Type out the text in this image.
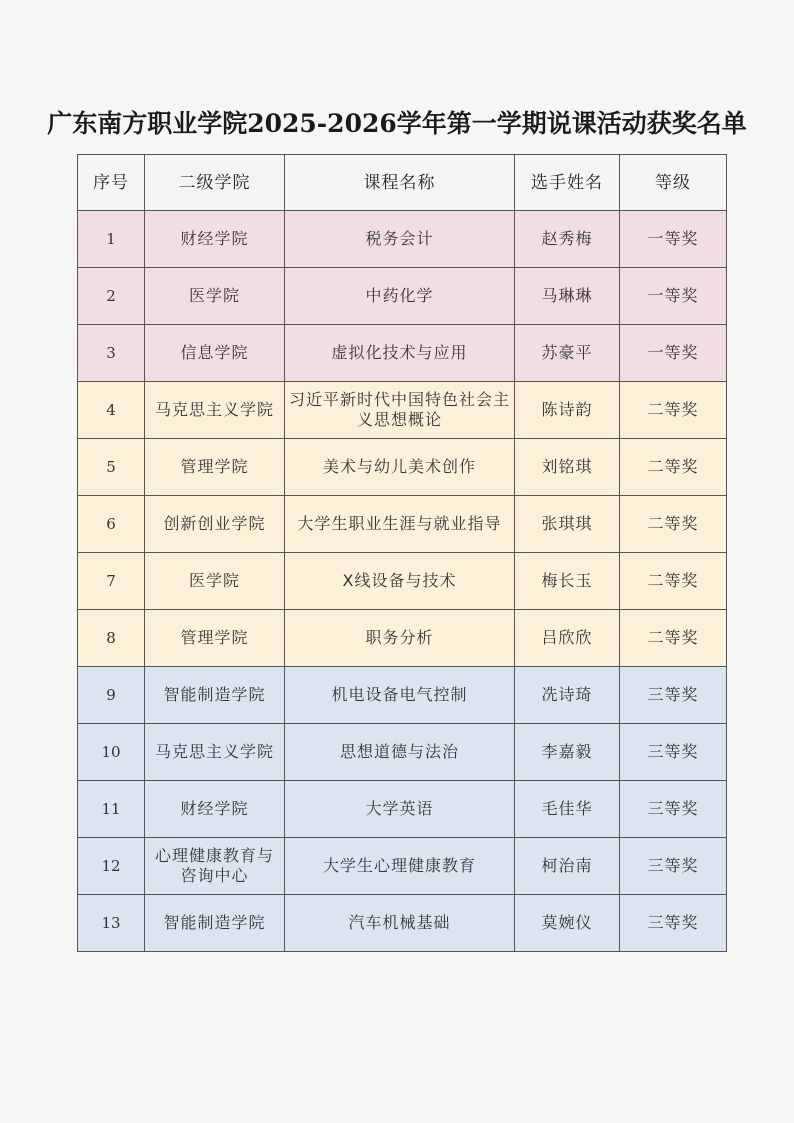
广东南方职业学院2025-2026学年第一学期说课活动获奖名单
序号	二级学院	课程名称	选手姓名	等级
1	财经学院	税务会计	赵秀梅	一等奖
2	医学院	中药化学	马琳琳	一等奖
3	信息学院	虚拟化技术与应用	苏豪平	一等奖
4	马克思主义学院	习近平新时代中国特色社会主义思想概论	陈诗韵	二等奖
5	管理学院	美术与幼儿美术创作	刘铭琪	二等奖
6	创新创业学院	大学生职业生涯与就业指导	张琪琪	二等奖
7	医学院	X线设备与技术	梅长玉	二等奖
8	管理学院	职务分析	吕欣欣	二等奖
9	智能制造学院	机电设备电气控制	冼诗琦	三等奖
10	马克思主义学院	思想道德与法治	李嘉毅	三等奖
11	财经学院	大学英语	毛佳华	三等奖
12	心理健康教育与咨询中心	大学生心理健康教育	柯治南	三等奖
13	智能制造学院	汽车机械基础	莫婉仪	三等奖
